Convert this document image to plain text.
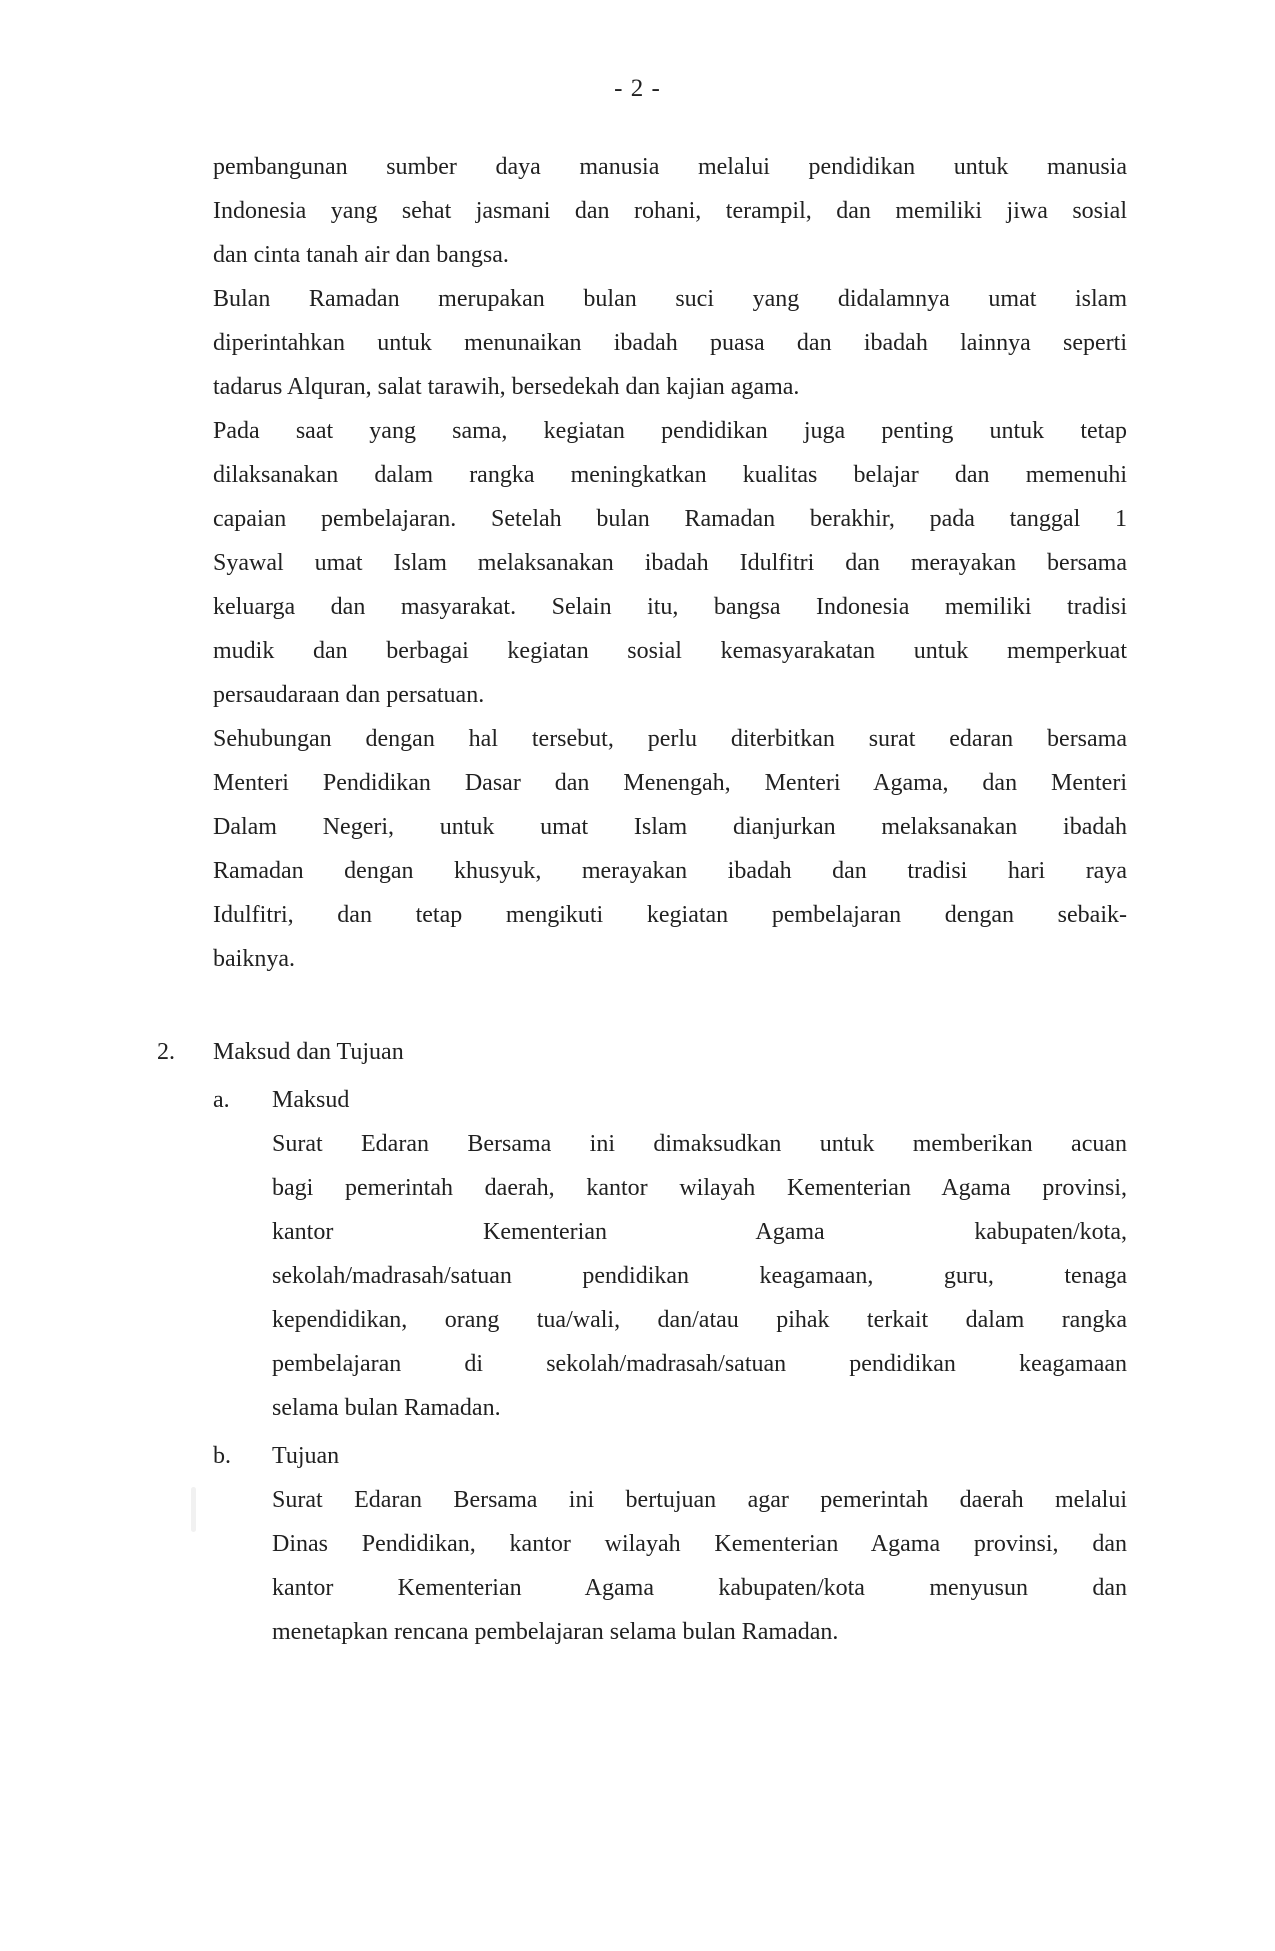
- 2 -
pembangunan sumber daya manusia melalui pendidikan untuk manusia
Indonesia yang sehat jasmani dan rohani, terampil, dan memiliki jiwa sosial
dan cinta tanah air dan bangsa.
Bulan Ramadan merupakan bulan suci yang didalamnya umat islam
diperintahkan untuk menunaikan ibadah puasa dan ibadah lainnya seperti
tadarus Alquran, salat tarawih, bersedekah dan kajian agama.
Pada saat yang sama, kegiatan pendidikan juga penting untuk tetap
dilaksanakan dalam rangka meningkatkan kualitas belajar dan memenuhi
capaian pembelajaran. Setelah bulan Ramadan berakhir, pada tanggal 1
Syawal umat Islam melaksanakan ibadah Idulfitri dan merayakan bersama
keluarga dan masyarakat. Selain itu, bangsa Indonesia memiliki tradisi
mudik dan berbagai kegiatan sosial kemasyarakatan untuk memperkuat
persaudaraan dan persatuan.
Sehubungan dengan hal tersebut, perlu diterbitkan surat edaran bersama
Menteri Pendidikan Dasar dan Menengah, Menteri Agama, dan Menteri
Dalam Negeri, untuk umat Islam dianjurkan melaksanakan ibadah
Ramadan dengan khusyuk, merayakan ibadah dan tradisi hari raya
Idulfitri, dan tetap mengikuti kegiatan pembelajaran dengan sebaik-
baiknya.
2.	Maksud dan Tujuan
a.	Maksud
Surat Edaran Bersama ini dimaksudkan untuk memberikan acuan
bagi pemerintah daerah, kantor wilayah Kementerian Agama provinsi,
kantor Kementerian Agama kabupaten/kota,
sekolah/madrasah/satuan pendidikan keagamaan, guru, tenaga
kependidikan, orang tua/wali, dan/atau pihak terkait dalam rangka
pembelajaran di sekolah/madrasah/satuan pendidikan keagamaan
selama bulan Ramadan.
b.	Tujuan
Surat Edaran Bersama ini bertujuan agar pemerintah daerah melalui
Dinas Pendidikan, kantor wilayah Kementerian Agama provinsi, dan
kantor Kementerian Agama kabupaten/kota menyusun dan
menetapkan rencana pembelajaran selama bulan Ramadan.
